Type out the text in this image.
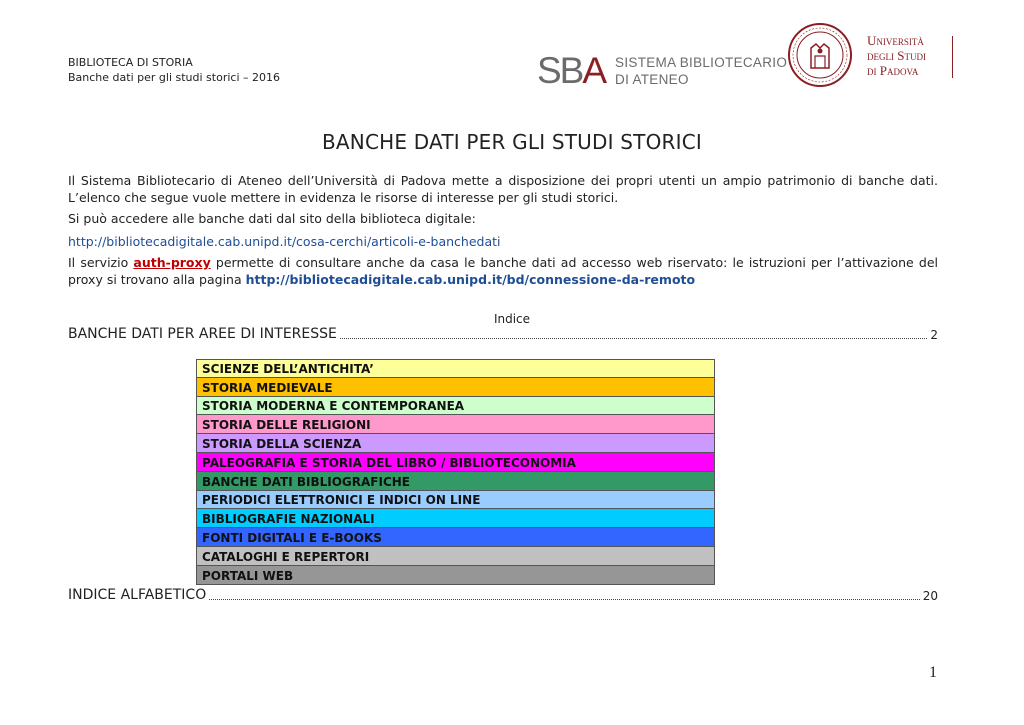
BIBLIOTECA DI STORIA
Banche dati per gli studi storici – 2016	SBA SISTEMA BIBLIOTECARIO
DI ATENEO
Università
degli Studi
di Padova
BANCHE DATI PER GLI STUDI STORICI
Il Sistema Bibliotecario di Ateneo dell’Università di Padova mette a disposizione dei propri utenti un ampio patrimonio di banche dati. L’elenco che segue vuole mettere in evidenza le risorse di interesse per gli studi storici.
Si può accedere alle banche dati dal sito della biblioteca digitale:
http://bibliotecadigitale.cab.unipd.it/cosa-cerchi/articoli-e-banchedati
Il servizio auth-proxy permette di consultare anche da casa le banche dati ad accesso web riservato: le istruzioni per l’attivazione del proxy si trovano alla pagina http://bibliotecadigitale.cab.unipd.it/bd/connessione-da-remoto
Indice
BANCHE DATI PER AREE DI INTERESSE	2
SCIENZE DELL’ANTICHITA’
STORIA MEDIEVALE
STORIA MODERNA E CONTEMPORANEA
STORIA DELLE RELIGIONI
STORIA DELLA SCIENZA
PALEOGRAFIA E STORIA DEL LIBRO / BIBLIOTECONOMIA
BANCHE DATI BIBLIOGRAFICHE
PERIODICI ELETTRONICI E INDICI ON LINE
BIBLIOGRAFIE NAZIONALI
FONTI DIGITALI E E-BOOKS
CATALOGHI E REPERTORI
PORTALI WEB
INDICE ALFABETICO	20
1
